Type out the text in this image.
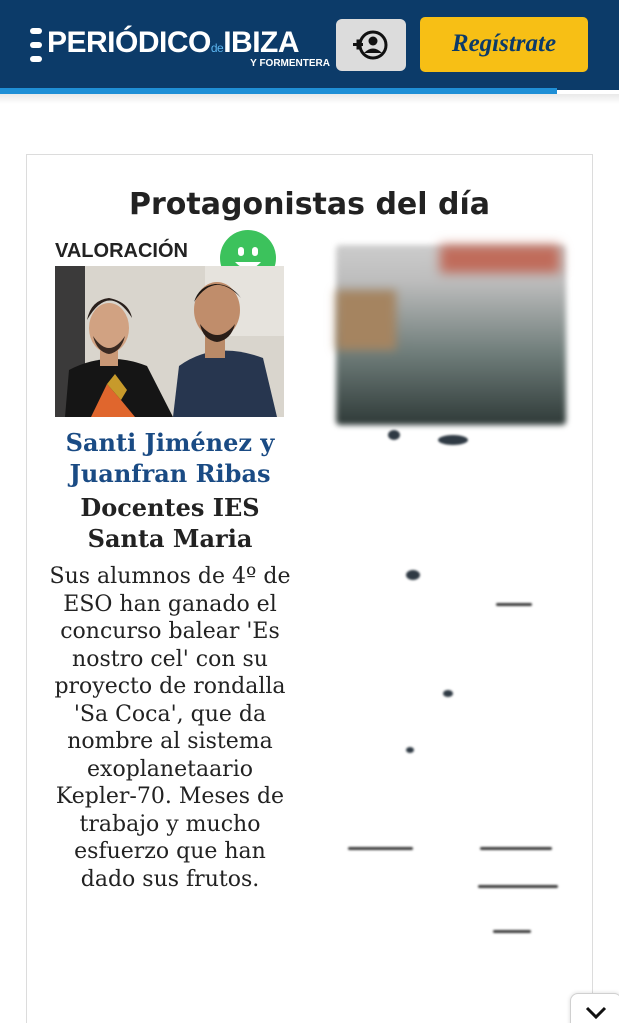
PERIÓDICOdeIBIZA
Y FORMENTERA
Regístrate
Protagonistas del día
VALORACIÓN
Santi Jiménez y Juanfran Ribas
Docentes IES Santa Maria
Sus alumnos de 4º de ESO han ganado el concurso balear 'Es nostro cel' con su proyecto de rondalla 'Sa Coca', que da nombre al sistema exoplanetaario Kepler-70. Meses de trabajo y mucho esfuerzo que han dado sus frutos.
